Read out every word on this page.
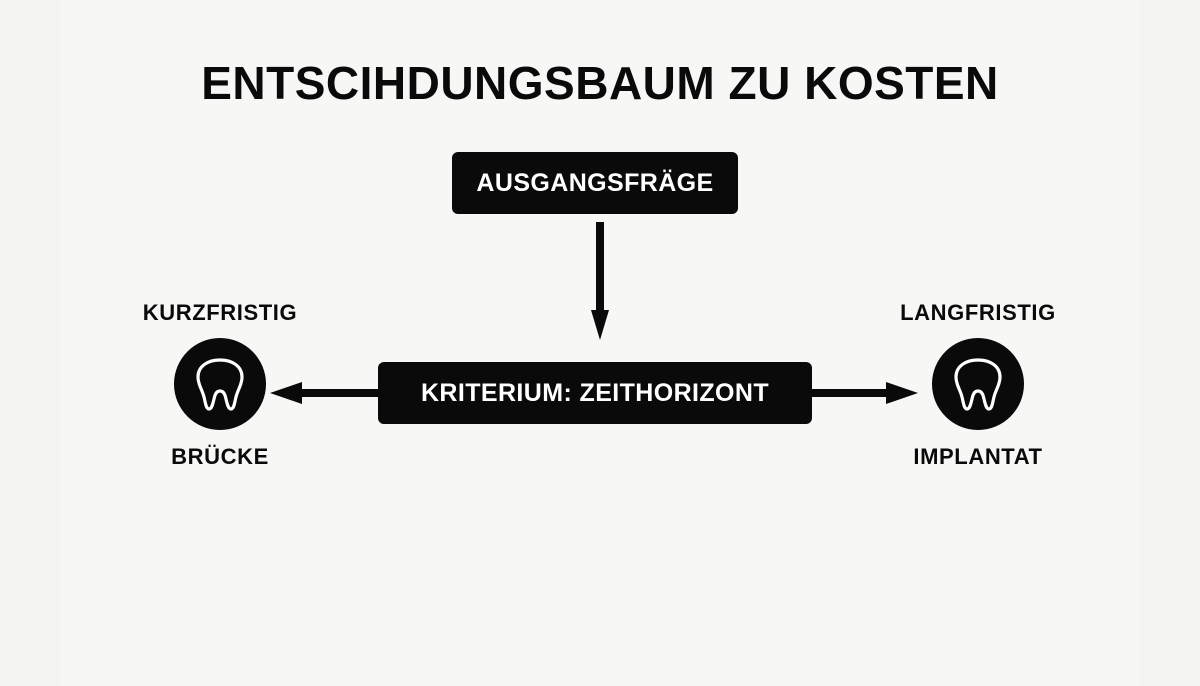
ENTSCIHDUNGSBAUM ZU KOSTEN
AUSGANGSFRÄGE
KRITERIUM: ZEITHORIZONT
KURZFRISTIG
BRÜCKE
LANGFRISTIG
IMPLANTAT
